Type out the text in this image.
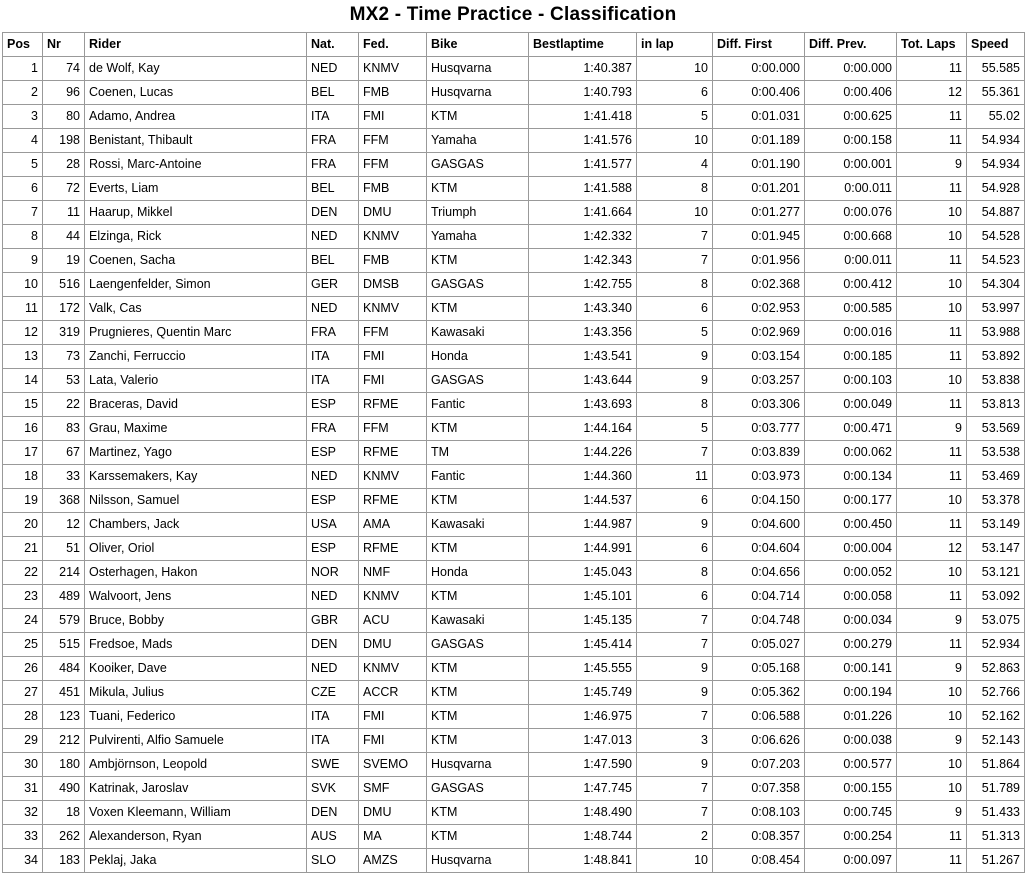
MX2 - Time Practice - Classification
Pos	Nr	Rider	Nat.	Fed.	Bike	Bestlaptime	in lap	Diff. First	Diff. Prev.	Tot. Laps	Speed
1	74	de Wolf, Kay	NED	KNMV	Husqvarna	1:40.387	10	0:00.000	0:00.000	11	55.585
2	96	Coenen, Lucas	BEL	FMB	Husqvarna	1:40.793	6	0:00.406	0:00.406	12	55.361
3	80	Adamo, Andrea	ITA	FMI	KTM	1:41.418	5	0:01.031	0:00.625	11	55.02
4	198	Benistant, Thibault	FRA	FFM	Yamaha	1:41.576	10	0:01.189	0:00.158	11	54.934
5	28	Rossi, Marc-Antoine	FRA	FFM	GASGAS	1:41.577	4	0:01.190	0:00.001	9	54.934
6	72	Everts, Liam	BEL	FMB	KTM	1:41.588	8	0:01.201	0:00.011	11	54.928
7	11	Haarup, Mikkel	DEN	DMU	Triumph	1:41.664	10	0:01.277	0:00.076	10	54.887
8	44	Elzinga, Rick	NED	KNMV	Yamaha	1:42.332	7	0:01.945	0:00.668	10	54.528
9	19	Coenen, Sacha	BEL	FMB	KTM	1:42.343	7	0:01.956	0:00.011	11	54.523
10	516	Laengenfelder, Simon	GER	DMSB	GASGAS	1:42.755	8	0:02.368	0:00.412	10	54.304
11	172	Valk, Cas	NED	KNMV	KTM	1:43.340	6	0:02.953	0:00.585	10	53.997
12	319	Prugnieres, Quentin Marc	FRA	FFM	Kawasaki	1:43.356	5	0:02.969	0:00.016	11	53.988
13	73	Zanchi, Ferruccio	ITA	FMI	Honda	1:43.541	9	0:03.154	0:00.185	11	53.892
14	53	Lata, Valerio	ITA	FMI	GASGAS	1:43.644	9	0:03.257	0:00.103	10	53.838
15	22	Braceras, David	ESP	RFME	Fantic	1:43.693	8	0:03.306	0:00.049	11	53.813
16	83	Grau, Maxime	FRA	FFM	KTM	1:44.164	5	0:03.777	0:00.471	9	53.569
17	67	Martinez, Yago	ESP	RFME	TM	1:44.226	7	0:03.839	0:00.062	11	53.538
18	33	Karssemakers, Kay	NED	KNMV	Fantic	1:44.360	11	0:03.973	0:00.134	11	53.469
19	368	Nilsson, Samuel	ESP	RFME	KTM	1:44.537	6	0:04.150	0:00.177	10	53.378
20	12	Chambers, Jack	USA	AMA	Kawasaki	1:44.987	9	0:04.600	0:00.450	11	53.149
21	51	Oliver, Oriol	ESP	RFME	KTM	1:44.991	6	0:04.604	0:00.004	12	53.147
22	214	Osterhagen, Hakon	NOR	NMF	Honda	1:45.043	8	0:04.656	0:00.052	10	53.121
23	489	Walvoort, Jens	NED	KNMV	KTM	1:45.101	6	0:04.714	0:00.058	11	53.092
24	579	Bruce, Bobby	GBR	ACU	Kawasaki	1:45.135	7	0:04.748	0:00.034	9	53.075
25	515	Fredsoe, Mads	DEN	DMU	GASGAS	1:45.414	7	0:05.027	0:00.279	11	52.934
26	484	Kooiker, Dave	NED	KNMV	KTM	1:45.555	9	0:05.168	0:00.141	9	52.863
27	451	Mikula, Julius	CZE	ACCR	KTM	1:45.749	9	0:05.362	0:00.194	10	52.766
28	123	Tuani, Federico	ITA	FMI	KTM	1:46.975	7	0:06.588	0:01.226	10	52.162
29	212	Pulvirenti, Alfio Samuele	ITA	FMI	KTM	1:47.013	3	0:06.626	0:00.038	9	52.143
30	180	Ambjörnson, Leopold	SWE	SVEMO	Husqvarna	1:47.590	9	0:07.203	0:00.577	10	51.864
31	490	Katrinak, Jaroslav	SVK	SMF	GASGAS	1:47.745	7	0:07.358	0:00.155	10	51.789
32	18	Voxen Kleemann, William	DEN	DMU	KTM	1:48.490	7	0:08.103	0:00.745	9	51.433
33	262	Alexanderson, Ryan	AUS	MA	KTM	1:48.744	2	0:08.357	0:00.254	11	51.313
34	183	Peklaj, Jaka	SLO	AMZS	Husqvarna	1:48.841	10	0:08.454	0:00.097	11	51.267
